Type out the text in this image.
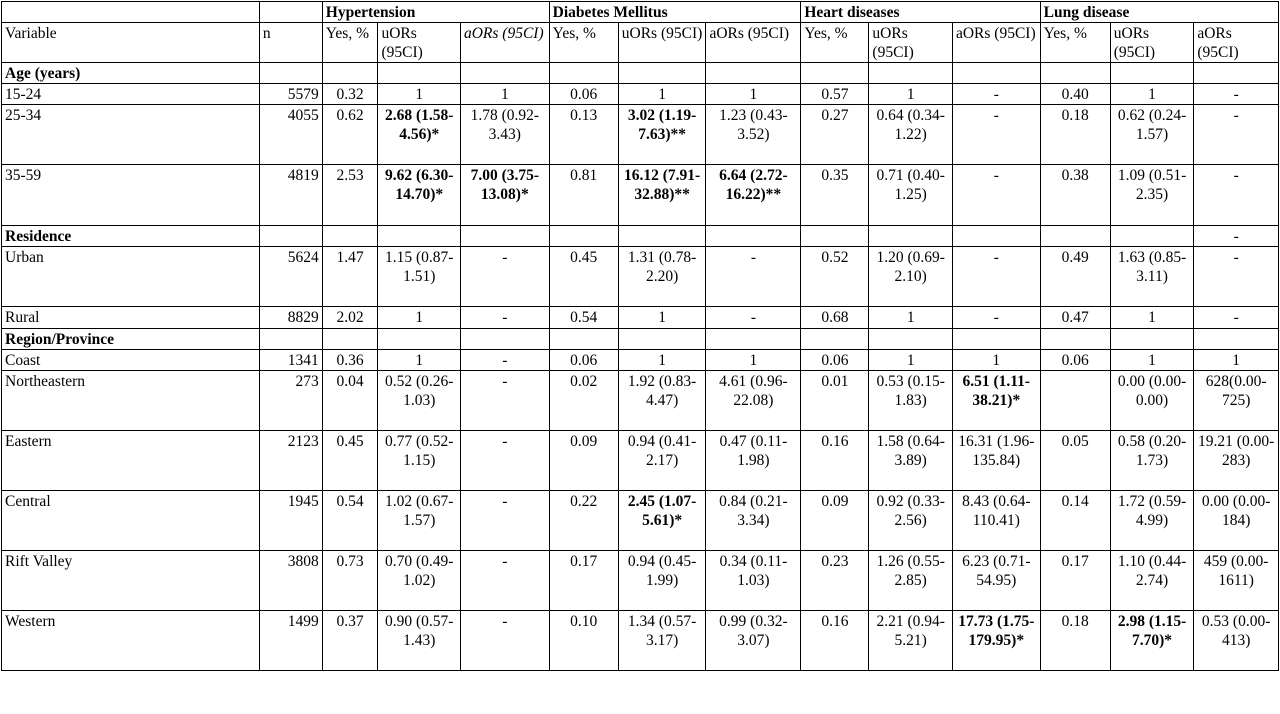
		Hypertension			Diabetes Mellitus			Heart diseases			Lung disease		
Variable	n	Yes, %	uORs (95CI)	aORs (95CI)	Yes, %	uORs (95CI)	aORs (95CI)	Yes, %	uORs (95CI)	aORs (95CI)	Yes, %	uORs (95CI)	aORs (95CI)
Age (years)													
15-24	5579	0.32	1	1	0.06	1	1	0.57	1	-	0.40	1	-
25-34	4055	0.62	2.68 (1.58-4.56)*	1.78 (0.92-3.43)	0.13	3.02 (1.19-7.63)**	1.23 (0.43-3.52)	0.27	0.64 (0.34-1.22)	-	0.18	0.62 (0.24-1.57)	-
35-59	4819	2.53	9.62 (6.30-14.70)*	7.00 (3.75-13.08)*	0.81	16.12 (7.91-32.88)**	6.64 (2.72-16.22)**	0.35	0.71 (0.40-1.25)	-	0.38	1.09 (0.51-2.35)	-
Residence													-
Urban	5624	1.47	1.15 (0.87-1.51)	-	0.45	1.31 (0.78-2.20)	-	0.52	1.20 (0.69-2.10)	-	0.49	1.63 (0.85-3.11)	-
Rural	8829	2.02	1	-	0.54	1	-	0.68	1	-	0.47	1	-
Region/Province													
Coast	1341	0.36	1	-	0.06	1	1	0.06	1	1	0.06	1	1
Northeastern	273	0.04	0.52 (0.26-1.03)	-	0.02	1.92 (0.83-4.47)	4.61 (0.96-22.08)	0.01	0.53 (0.15-1.83)	6.51 (1.11-38.21)*		0.00 (0.00-0.00)	628(0.00-725)
Eastern	2123	0.45	0.77 (0.52-1.15)	-	0.09	0.94 (0.41-2.17)	0.47 (0.11-1.98)	0.16	1.58 (0.64-3.89)	16.31 (1.96-135.84)	0.05	0.58 (0.20-1.73)	19.21 (0.00-283)
Central	1945	0.54	1.02 (0.67-1.57)	-	0.22	2.45 (1.07-5.61)*	0.84 (0.21-3.34)	0.09	0.92 (0.33-2.56)	8.43 (0.64-110.41)	0.14	1.72 (0.59-4.99)	0.00 (0.00-184)
Rift Valley	3808	0.73	0.70 (0.49-1.02)	-	0.17	0.94 (0.45-1.99)	0.34 (0.11-1.03)	0.23	1.26 (0.55-2.85)	6.23 (0.71-54.95)	0.17	1.10 (0.44-2.74)	459 (0.00-1611)
Western	1499	0.37	0.90 (0.57-1.43)	-	0.10	1.34 (0.57-3.17)	0.99 (0.32-3.07)	0.16	2.21 (0.94-5.21)	17.73 (1.75-179.95)*	0.18	2.98 (1.15-7.70)*	0.53 (0.00-413)
